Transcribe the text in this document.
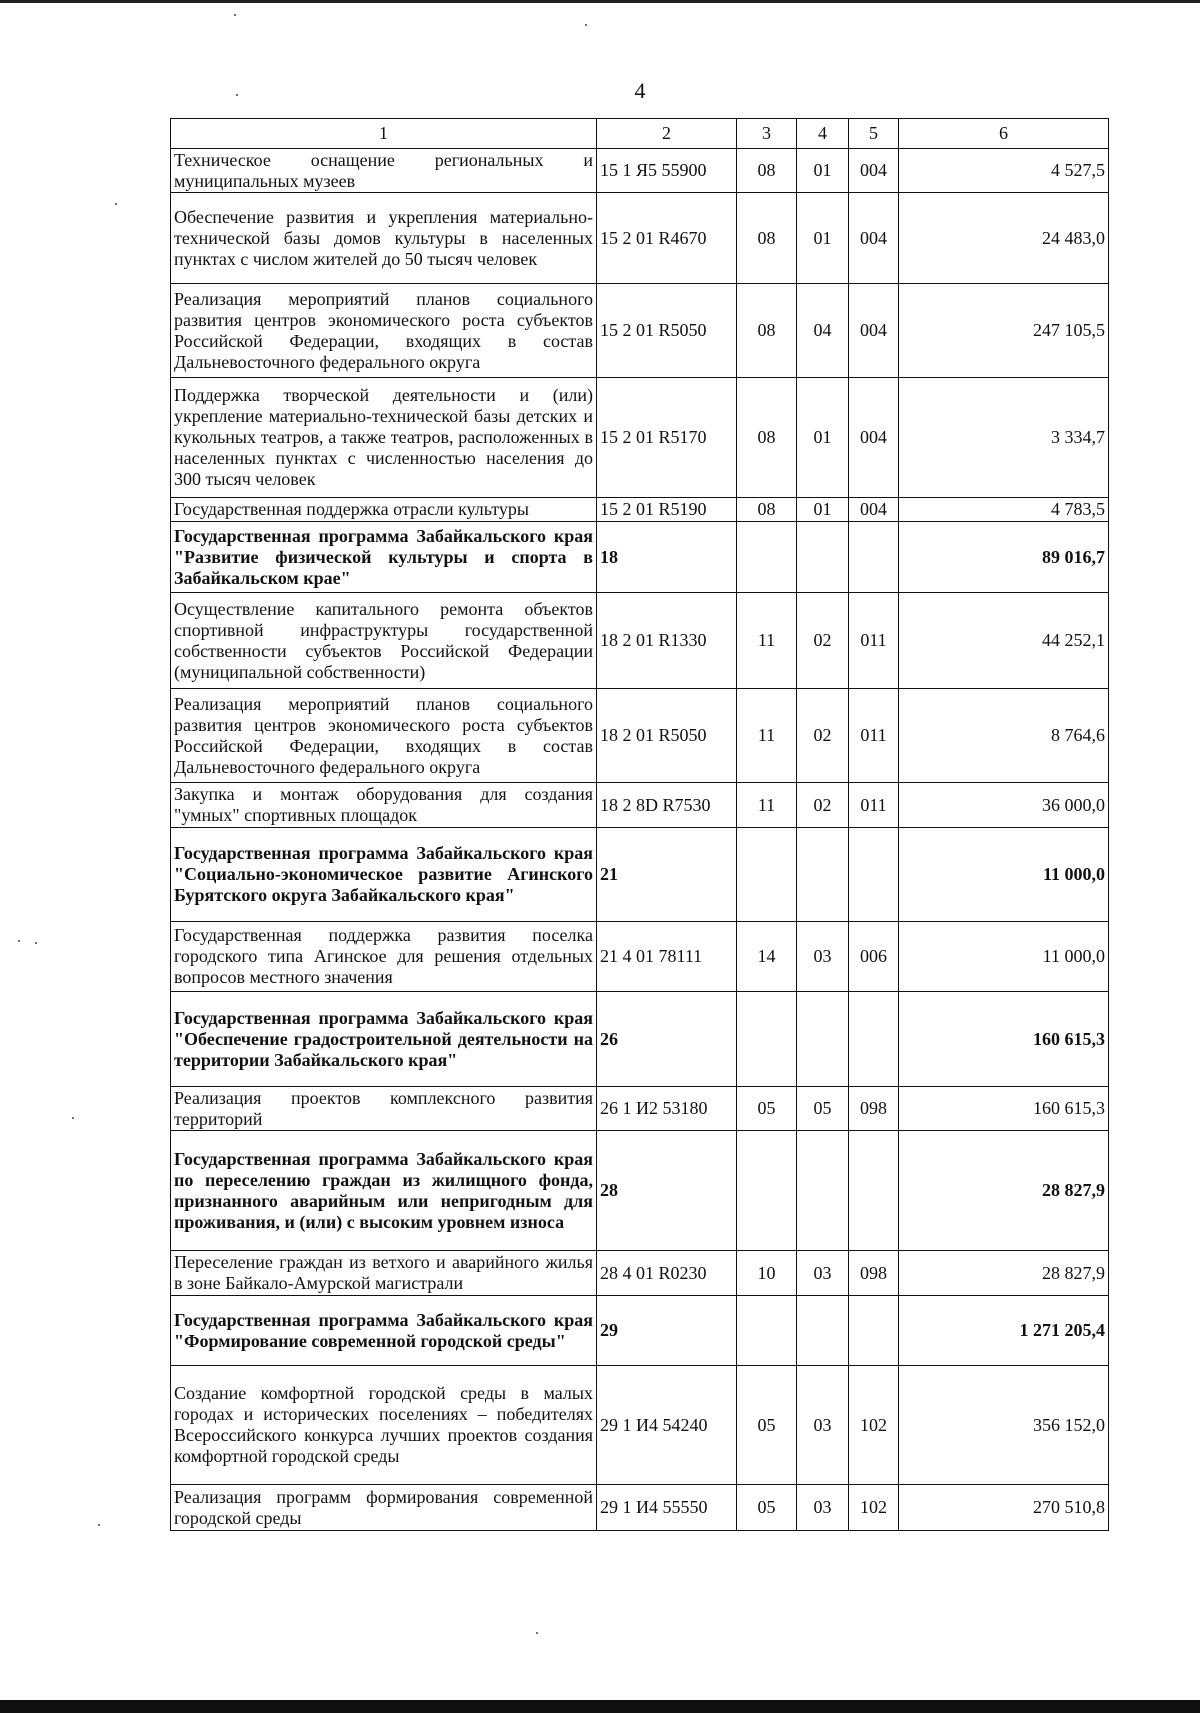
4
1	2	3	4	5	6
Техническое оснащение региональных и муниципальных музеев	15 1 Я5 55900	08	01	004	4 527,5
Обеспечение развития и укрепления материально-технической базы домов культуры в населенных пунктах с числом жителей до 50 тысяч человек	15 2 01 R4670	08	01	004	24 483,0
Реализация мероприятий планов социального развития центров экономического роста субъектов Российской Федерации, входящих в состав Дальневосточного федерального округа	15 2 01 R5050	08	04	004	247 105,5
Поддержка творческой деятельности и (или) укрепление материально-технической базы детских и кукольных театров, а также театров, расположенных в населенных пунктах с численностью населения до 300 тысяч человек	15 2 01 R5170	08	01	004	3 334,7
Государственная поддержка отрасли культуры	15 2 01 R5190	08	01	004	4 783,5
Государственная программа Забайкальского края "Развитие физической культуры и спорта в Забайкальском крае"	18				89 016,7
Осуществление капитального ремонта объектов спортивной инфраструктуры государственной собственности субъектов Российской Федерации (муниципальной собственности)	18 2 01 R1330	11	02	011	44 252,1
Реализация мероприятий планов социального развития центров экономического роста субъектов Российской Федерации, входящих в состав Дальневосточного федерального округа	18 2 01 R5050	11	02	011	8 764,6
Закупка и монтаж оборудования для создания "умных" спортивных площадок	18 2 8D R7530	11	02	011	36 000,0
Государственная программа Забайкальского края "Социально-экономическое развитие Агинского Бурятского округа Забайкальского края"	21				11 000,0
Государственная поддержка развития поселка городского типа Агинское для решения отдельных вопросов местного значения	21 4 01 78111	14	03	006	11 000,0
Государственная программа Забайкальского края "Обеспечение градостроительной деятельности на территории Забайкальского края"	26				160 615,3
Реализация проектов комплексного развития территорий	26 1 И2 53180	05	05	098	160 615,3
Государственная программа Забайкальского края по переселению граждан из жилищного фонда, признанного аварийным или непригодным для проживания, и (или) с высоким уровнем износа	28				28 827,9
Переселение граждан из ветхого и аварийного жилья в зоне Байкало-Амурской магистрали	28 4 01 R0230	10	03	098	28 827,9
Государственная программа Забайкальского края "Формирование современной городской среды"	29				1 271 205,4
Создание комфортной городской среды в малых городах и исторических поселениях – победителях Всероссийского конкурса лучших проектов создания комфортной городской среды	29 1 И4 54240	05	03	102	356 152,0
Реализация программ формирования современной городской среды	29 1 И4 55550	05	03	102	270 510,8
